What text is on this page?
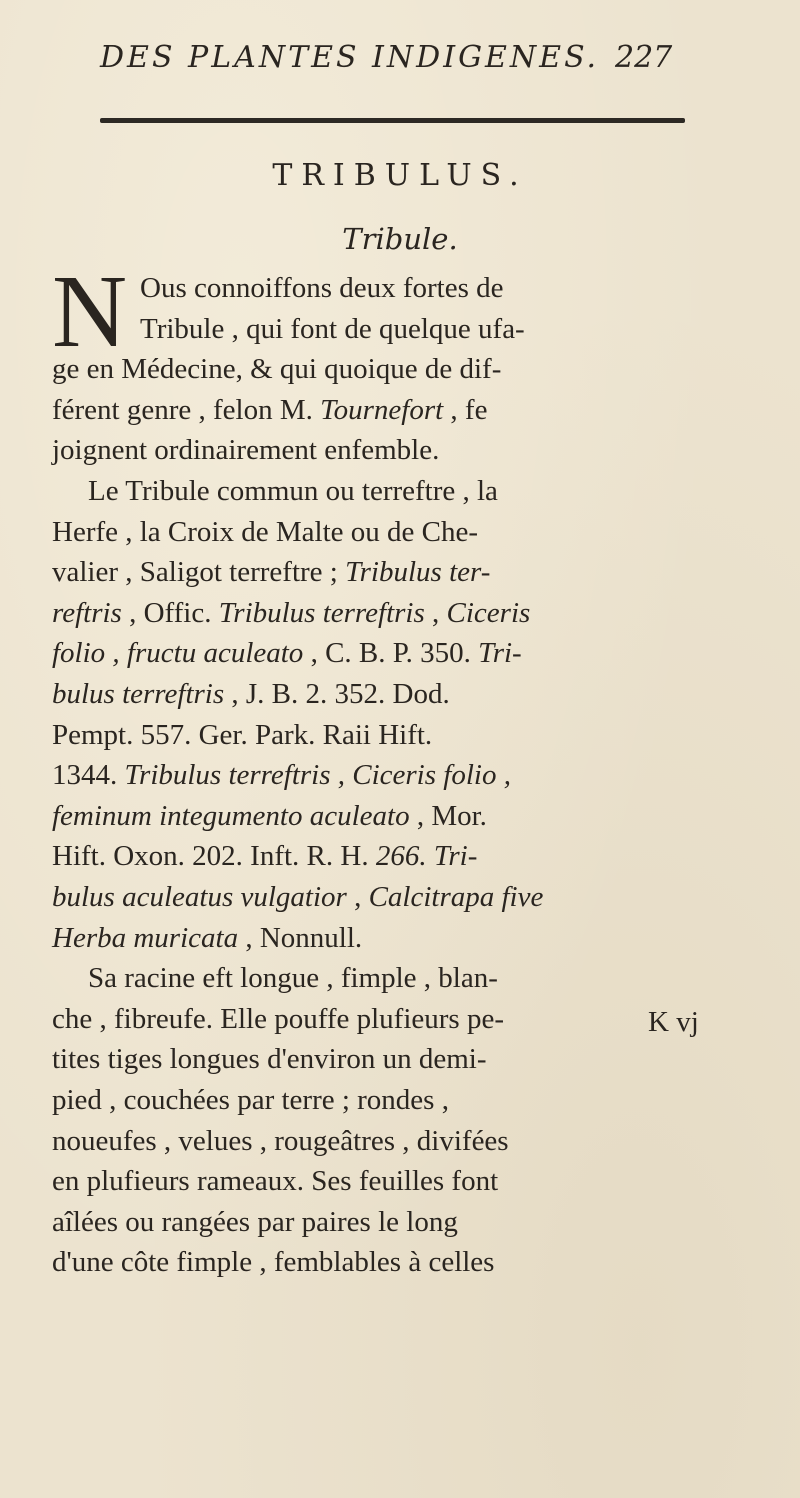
DES PLANTES INDIGENES. 227
TRIBULUS.
Tribule.
N Ous connoiffons deux fortes de
Tribule , qui font de quelque ufa-
ge en Médecine, & qui quoique de dif-
férent genre , felon M. Tournefort , fe
joignent ordinairement enfemble.
Le Tribule commun ou terreftre , la
Herfe , la Croix de Malte ou de Che-
valier , Saligot terreftre ; Tribulus ter-
reftris , Offic. Tribulus terreftris , Ciceris
folio , fructu aculeato , C. B. P. 350. Tri-
bulus terreftris , J. B. 2. 352. Dod.
Pempt. 557. Ger. Park. Raii Hift.
1344. Tribulus terreftris , Ciceris folio ,
feminum integumento aculeato , Mor.
Hift. Oxon. 202. Inft. R. H. 266. Tri-
bulus aculeatus vulgatior , Calcitrapa five
Herba muricata , Nonnull.
Sa racine eft longue , fimple , blan-
che , fibreufe. Elle pouffe plufieurs pe-
tites tiges longues d'environ un demi-
pied , couchées par terre ; rondes ,
noueufes , velues , rougeâtres , divifées
en plufieurs rameaux. Ses feuilles font
aîlées ou rangées par paires le long
d'une côte fimple , femblables à celles
K vj
